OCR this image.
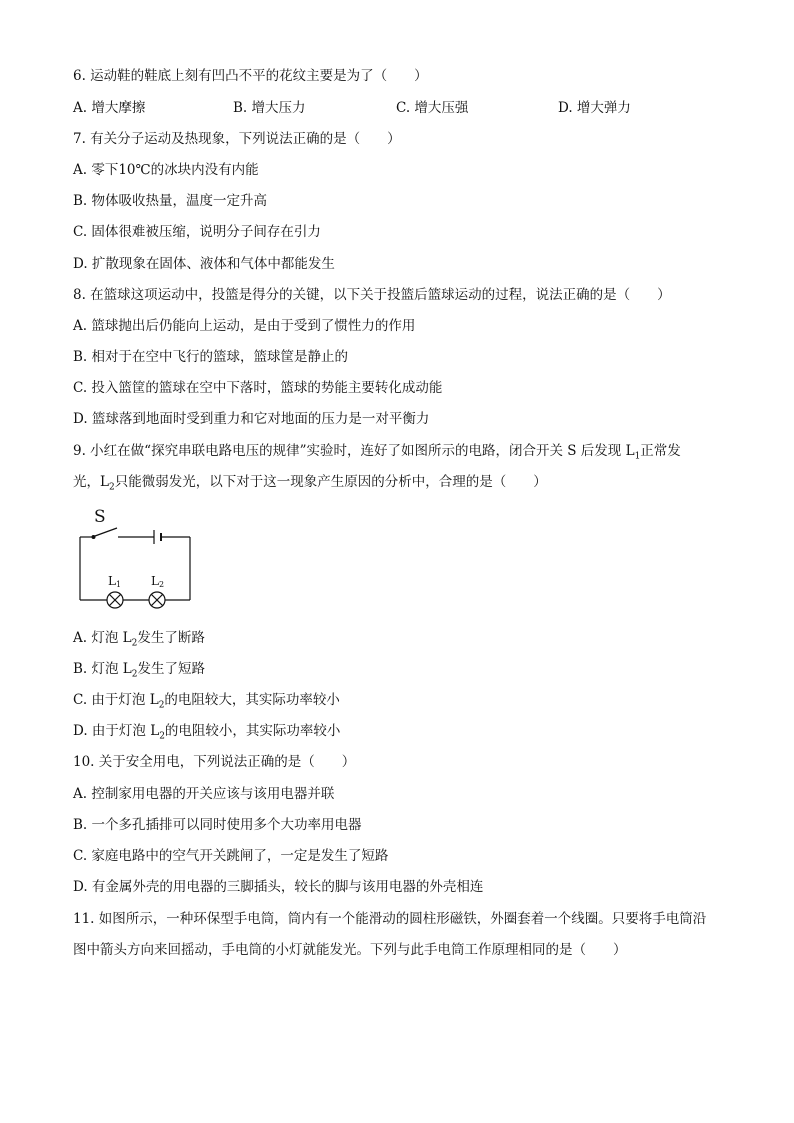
6. 运动鞋的鞋底上刻有凹凸不平的花纹主要是为了（　　）
A. 增大摩擦	B. 增大压力	C. 增大压强	D. 增大弹力
7. 有关分子运动及热现象，下列说法正确的是（　　）
A. 零下10℃的冰块内没有内能
B. 物体吸收热量，温度一定升高
C. 固体很难被压缩，说明分子间存在引力
D. 扩散现象在固体、液体和气体中都能发生
8. 在篮球这项运动中，投篮是得分的关键，以下关于投篮后篮球运动的过程，说法正确的是（　　）
A. 篮球抛出后仍能向上运动，是由于受到了惯性力的作用
B. 相对于在空中飞行的篮球，篮球筐是静止的
C. 投入篮筐的篮球在空中下落时，篮球的势能主要转化成动能
D. 篮球落到地面时受到重力和它对地面的压力是一对平衡力
9. 小红在做“探究串联电路电压的规律”实验时，连好了如图所示的电路，闭合开关 S 后发现 $L_1$正常发
光，$L_2$只能微弱发光，以下对于这一现象产生原因的分析中，合理的是（　　）
S
L1 L2
A. 灯泡 $L_2$发生了断路
B. 灯泡 $L_2$发生了短路
C. 由于灯泡 $L_2$的电阻较大，其实际功率较小
D. 由于灯泡 $L_2$的电阻较小，其实际功率较小
10. 关于安全用电，下列说法正确的是（　　）
A. 控制家用电器的开关应该与该用电器并联
B. 一个多孔插排可以同时使用多个大功率用电器
C. 家庭电路中的空气开关跳闸了，一定是发生了短路
D. 有金属外壳的用电器的三脚插头，较长的脚与该用电器的外壳相连
11. 如图所示，一种环保型手电筒，筒内有一个能滑动的圆柱形磁铁，外圈套着一个线圈。只要将手电筒沿
图中箭头方向来回摇动，手电筒的小灯就能发光。下列与此手电筒工作原理相同的是（　　）
